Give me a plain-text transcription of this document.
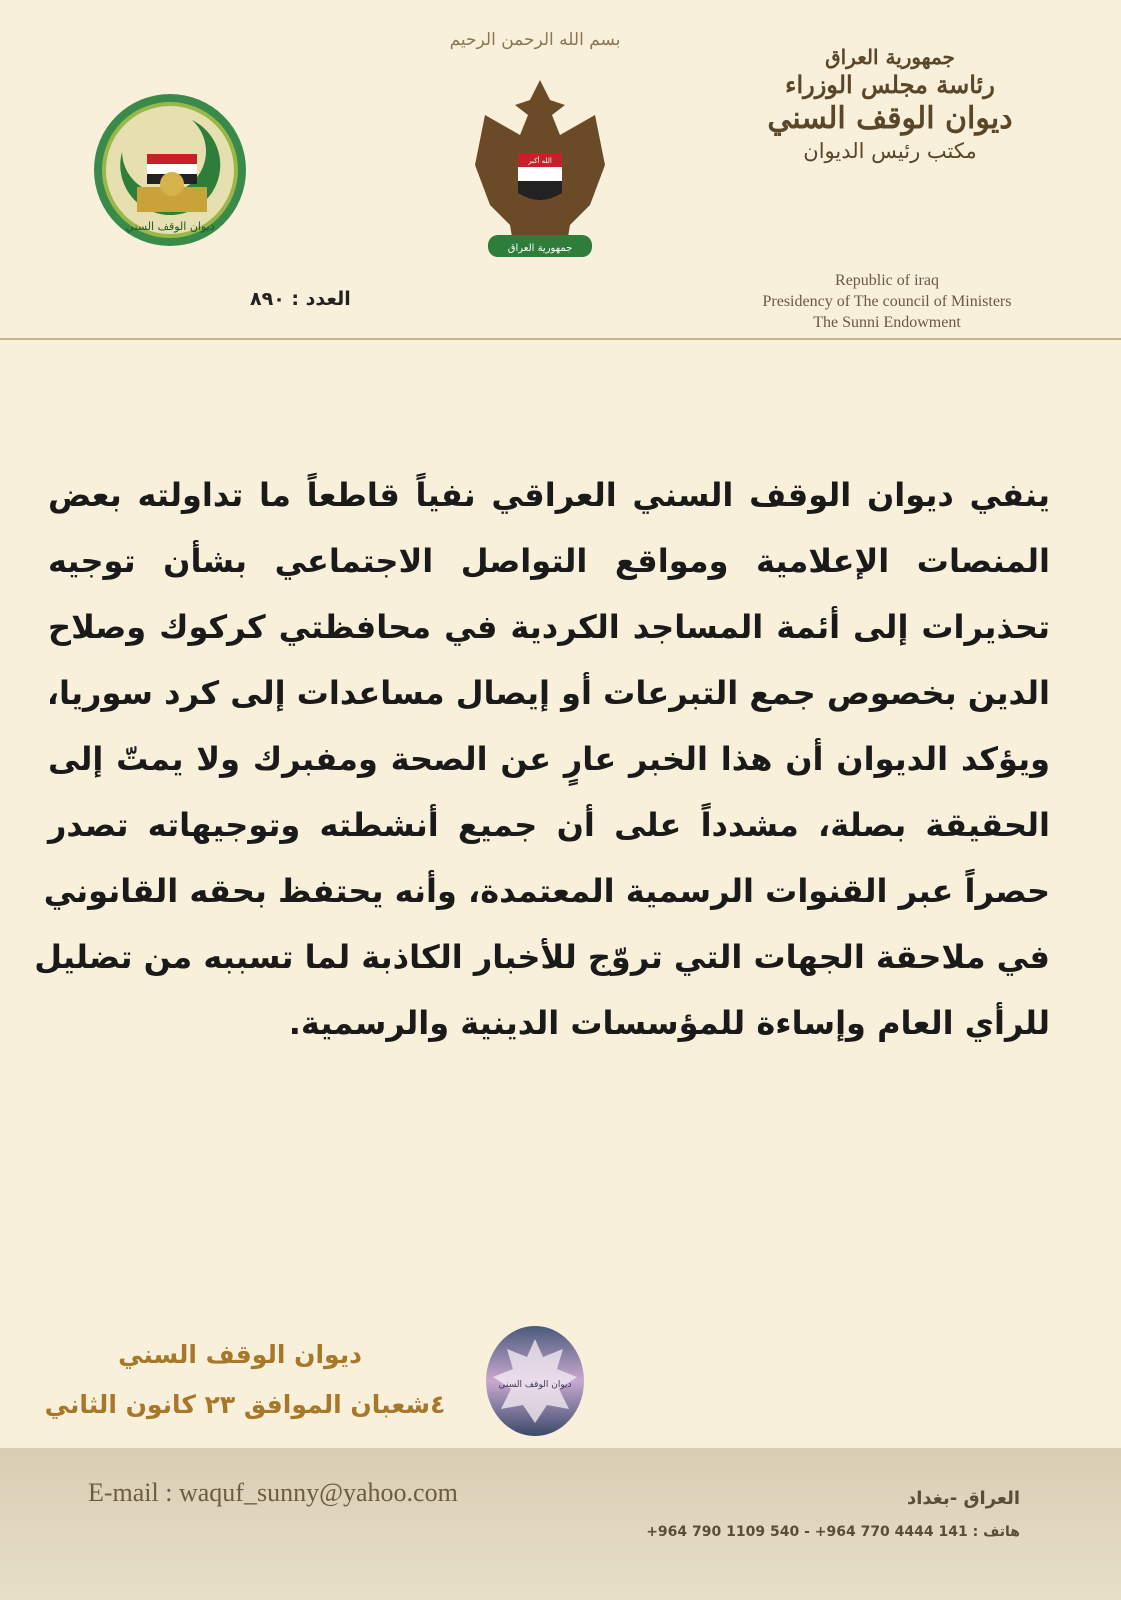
بسم الله الرحمن الرحيم
جمهورية العراق
الله أكبر
ديوان الوقف السني
جمهورية العراق
رئاسة مجلس الوزراء
ديوان الوقف السني
مكتب رئيس الديوان
Republic of iraq
Presidency of The council of Ministers
The Sunni Endowment
العدد : ٨٩٠
ينفي ديوان الوقف السني العراقي نفياً قاطعاً ما تداولته بعض
المنصات الإعلامية ومواقع التواصل الاجتماعي بشأن توجيه
تحذيرات إلى أئمة المساجد الكردية في محافظتي كركوك وصلاح
الدين بخصوص جمع التبرعات أو إيصال مساعدات إلى كرد سوريا،
ويؤكد الديوان أن هذا الخبر عارٍ عن الصحة ومفبرك ولا يمتّ إلى
الحقيقة بصلة، مشدداً على أن جميع أنشطته وتوجيهاته تصدر
حصراً عبر القنوات الرسمية المعتمدة، وأنه يحتفظ بحقه القانوني
في ملاحقة الجهات التي تروّج للأخبار الكاذبة لما تسببه من تضليل
للرأي العام وإساءة للمؤسسات الدينية والرسمية.
ديوان الوقف السني
٤شعبان الموافق ٢٣ كانون الثاني
ديوان الوقف السني
E-mail : waquf_sunny@yahoo.com	العراق -بغداد
هاتف : +964 790 1109 540 - +964 770 4444 141
